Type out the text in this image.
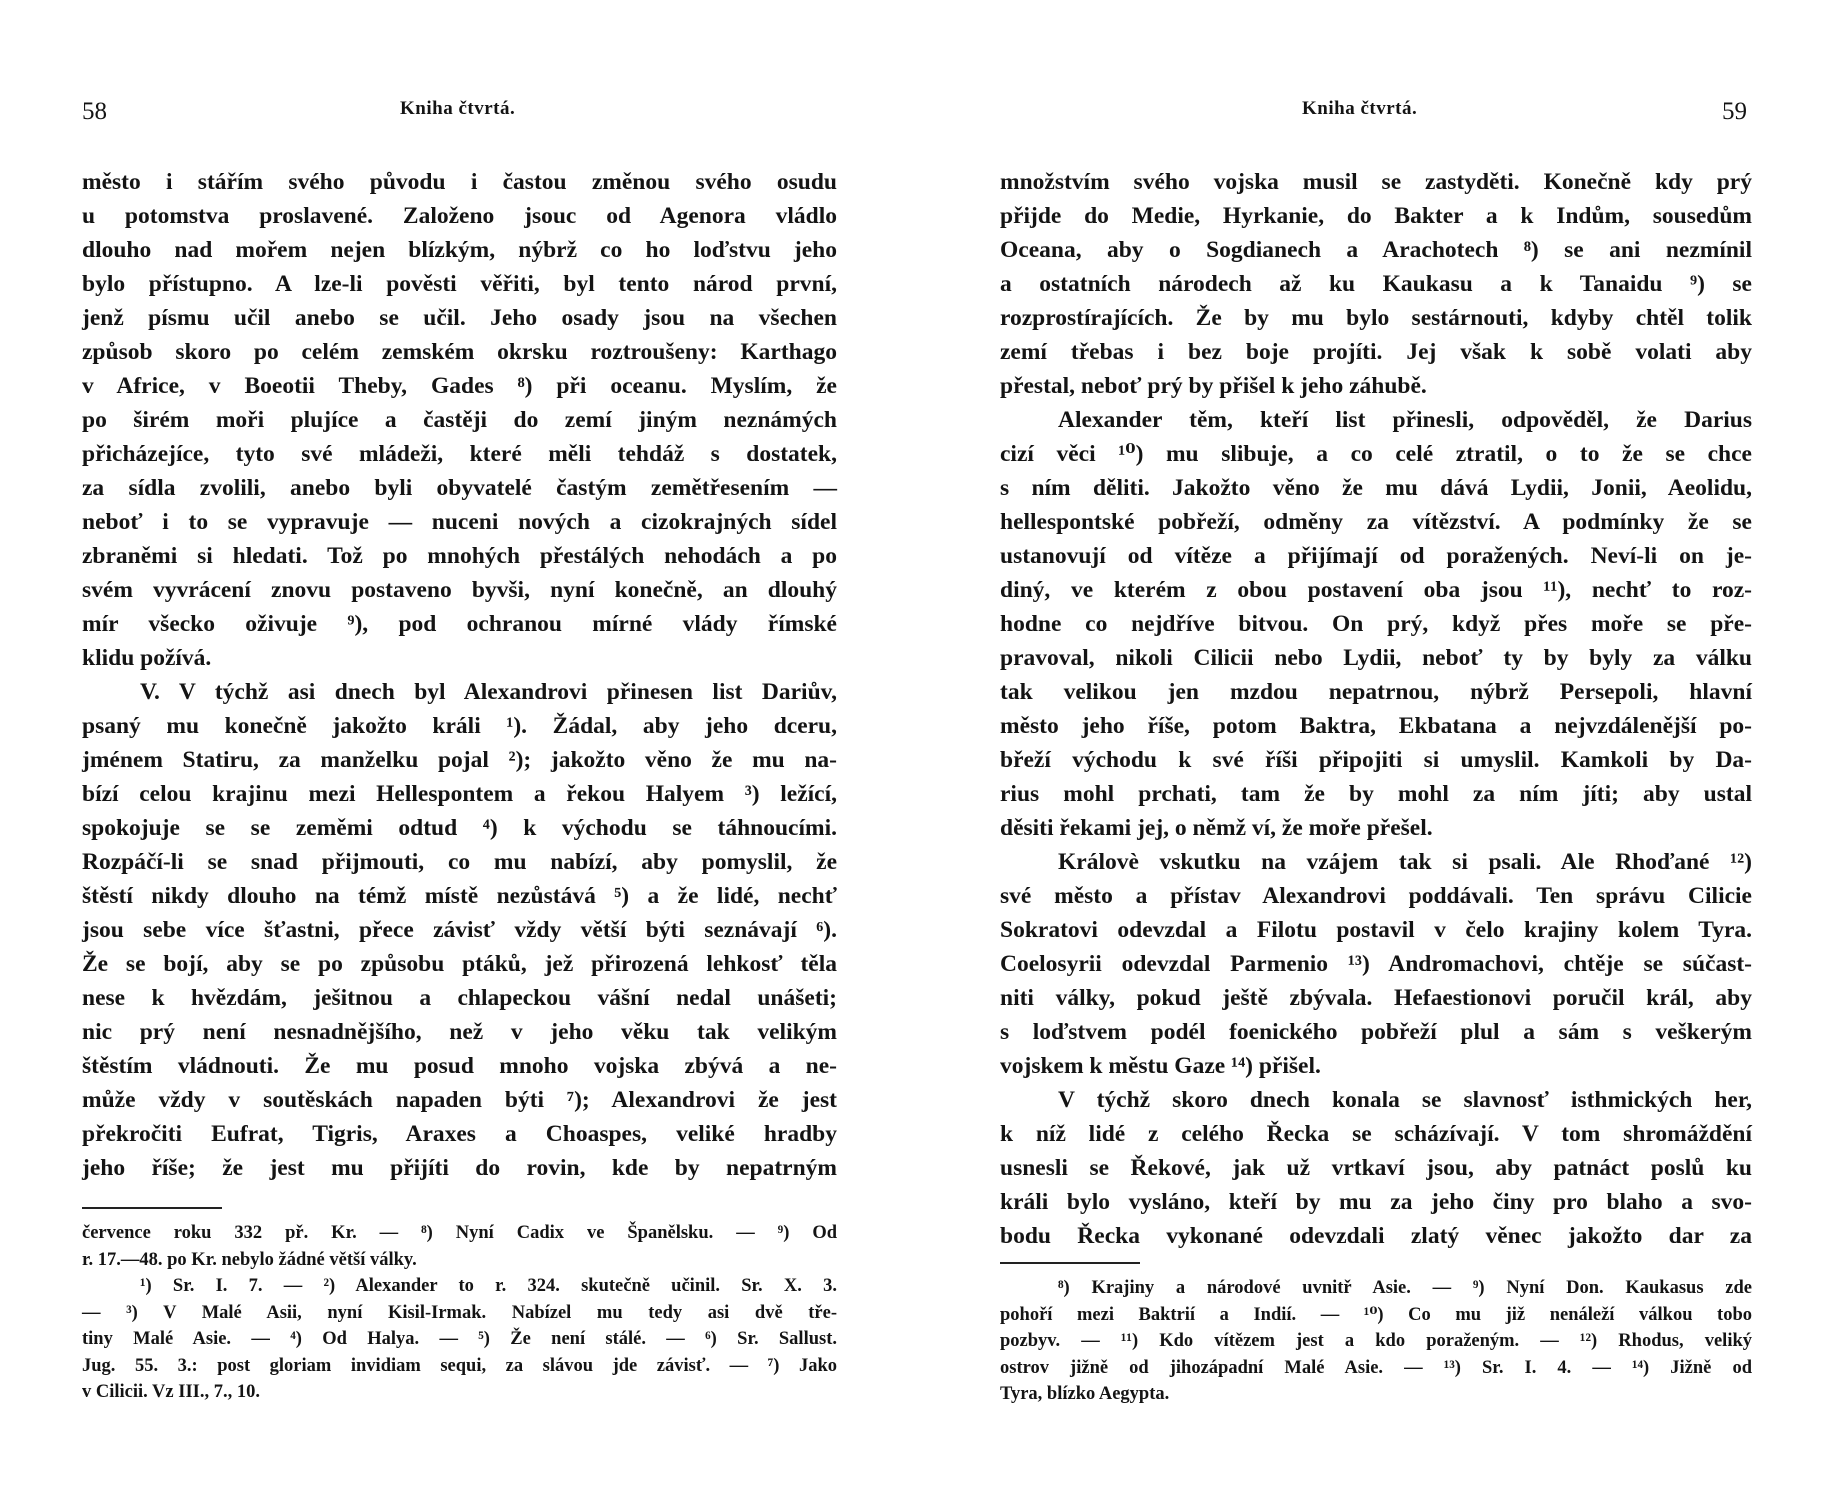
58	Kniha čtvrtá.
město i stářím svého původu i častou změnou svého osudu
u potomstva proslavené. Založeno jsouc od Agenora vládlo
dlouho nad mořem nejen blízkým, nýbrž co ho loďstvu jeho
bylo přístupno. A lze-li pověsti věřiti, byl tento národ první,
jenž písmu učil anebo se učil. Jeho osady jsou na všechen
způsob skoro po celém zemském okrsku roztroušeny: Karthago
v Africe, v Boeotii Theby, Gades ⁸) při oceanu. Myslím, že
po širém moři plujíce a častěji do zemí jiným neznámých
přicházejíce, tyto své mládeži, které měli tehdáž s dostatek,
za sídla zvolili, anebo byli obyvatelé častým zemětřesením —
neboť i to se vypravuje — nuceni nových a cizokrajných sídel
zbraněmi si hledati. Tož po mnohých přestálých nehodách a po
svém vyvrácení znovu postaveno byvši, nyní konečně, an dlouhý
mír všecko oživuje ⁹), pod ochranou mírné vlády římské
klidu požívá.
V. V týchž asi dnech byl Alexandrovi přinesen list Dariův,
psaný mu konečně jakožto králi ¹). Žádal, aby jeho dceru,
jménem Statiru, za manželku pojal ²); jakožto věno že mu na-
bízí celou krajinu mezi Hellespontem a řekou Halyem ³) ležící,
spokojuje se se zeměmi odtud ⁴) k východu se táhnoucími.
Rozpáčí-li se snad přijmouti, co mu nabízí, aby pomyslil, že
štěstí nikdy dlouho na témž místě nezůstává ⁵) a že lidé, nechť
jsou sebe více šťastni, přece závisť vždy větší býti seznávají ⁶).
Že se bojí, aby se po způsobu ptáků, jež přirozená lehkosť těla
nese k hvězdám, ješitnou a chlapeckou vášní nedal unášeti;
nic prý není nesnadnějšího, než v jeho věku tak velikým
štěstím vládnouti. Že mu posud mnoho vojska zbývá a ne-
může vždy v soutěskách napaden býti ⁷); Alexandrovi že jest
překročiti Eufrat, Tigris, Araxes a Choaspes, veliké hradby
jeho říše; že jest mu přijíti do rovin, kde by nepatrným
července roku 332 př. Kr. — ⁸) Nyní Cadix ve Španělsku. — ⁹) Od
r. 17.—48. po Kr. nebylo žádné větší války.
¹) Sr. I. 7. — ²) Alexander to r. 324. skutečně učinil. Sr. X. 3.
— ³) V Malé Asii, nyní Kisil-Irmak. Nabízel mu tedy asi dvě tře-
tiny Malé Asie. — ⁴) Od Halya. — ⁵) Že není stálé. — ⁶) Sr. Sallust.
Jug. 55. 3.: post gloriam invidiam sequi, za slávou jde závisť. — ⁷) Jako
v Cilicii. Vz III., 7., 10.
Kniha čtvrtá.	59
množstvím svého vojska musil se zastyděti. Konečně kdy prý
přijde do Medie, Hyrkanie, do Bakter a k Indům, sousedům
Oceana, aby o Sogdianech a Arachotech ⁸) se ani nezmínil
a ostatních národech až ku Kaukasu a k Tanaidu ⁹) se
rozprostírajících. Že by mu bylo sestárnouti, kdyby chtěl tolik
zemí třebas i bez boje projíti. Jej však k sobě volati aby
přestal, neboť prý by přišel k jeho záhubě.
Alexander těm, kteří list přinesli, odpověděl, že Darius
cizí věci ¹⁰) mu slibuje, a co celé ztratil, o to že se chce
s ním děliti. Jakožto věno že mu dává Lydii, Jonii, Aeolidu,
hellespontské pobřeží, odměny za vítězství. A podmínky že se
ustanovují od vítěze a přijímají od poražených. Neví-li on je-
diný, ve kterém z obou postavení oba jsou ¹¹), nechť to roz-
hodne co nejdříve bitvou. On prý, když přes moře se pře-
pravoval, nikoli Cilicii nebo Lydii, neboť ty by byly za válku
tak velikou jen mzdou nepatrnou, nýbrž Persepoli, hlavní
město jeho říše, potom Baktra, Ekbatana a nejvzdálenější po-
břeží východu k své říši připojiti si umyslil. Kamkoli by Da-
rius mohl prchati, tam že by mohl za ním jíti; aby ustal
děsiti řekami jej, o němž ví, že moře přešel.
Královè vskutku na vzájem tak si psali. Ale Rhoďané ¹²)
své město a přístav Alexandrovi poddávali. Ten správu Cilicie
Sokratovi odevzdal a Filotu postavil v čelo krajiny kolem Tyra.
Coelosyrii odevzdal Parmenio ¹³) Andromachovi, chtěje se súčast-
niti války, pokud ještě zbývala. Hefaestionovi poručil král, aby
s loďstvem podél foenického pobřeží plul a sám s veškerým
vojskem k městu Gaze ¹⁴) přišel.
V týchž skoro dnech konala se slavnosť isthmických her,
k níž lidé z celého Řecka se scházívají. V tom shromáždění
usnesli se Řekové, jak už vrtkaví jsou, aby patnáct poslů ku
králi bylo vysláno, kteří by mu za jeho činy pro blaho a svo-
bodu Řecka vykonané odevzdali zlatý věnec jakožto dar za
⁸) Krajiny a národové uvnitř Asie. — ⁹) Nyní Don. Kaukasus zde
pohoří mezi Baktrií a Indií. — ¹⁰) Co mu již nenáleží válkou tobo
pozbyv. — ¹¹) Kdo vítězem jest a kdo poraženým. — ¹²) Rhodus, veliký
ostrov jižně od jihozápadní Malé Asie. — ¹³) Sr. I. 4. — ¹⁴) Jižně od
Tyra, blízko Aegypta.
